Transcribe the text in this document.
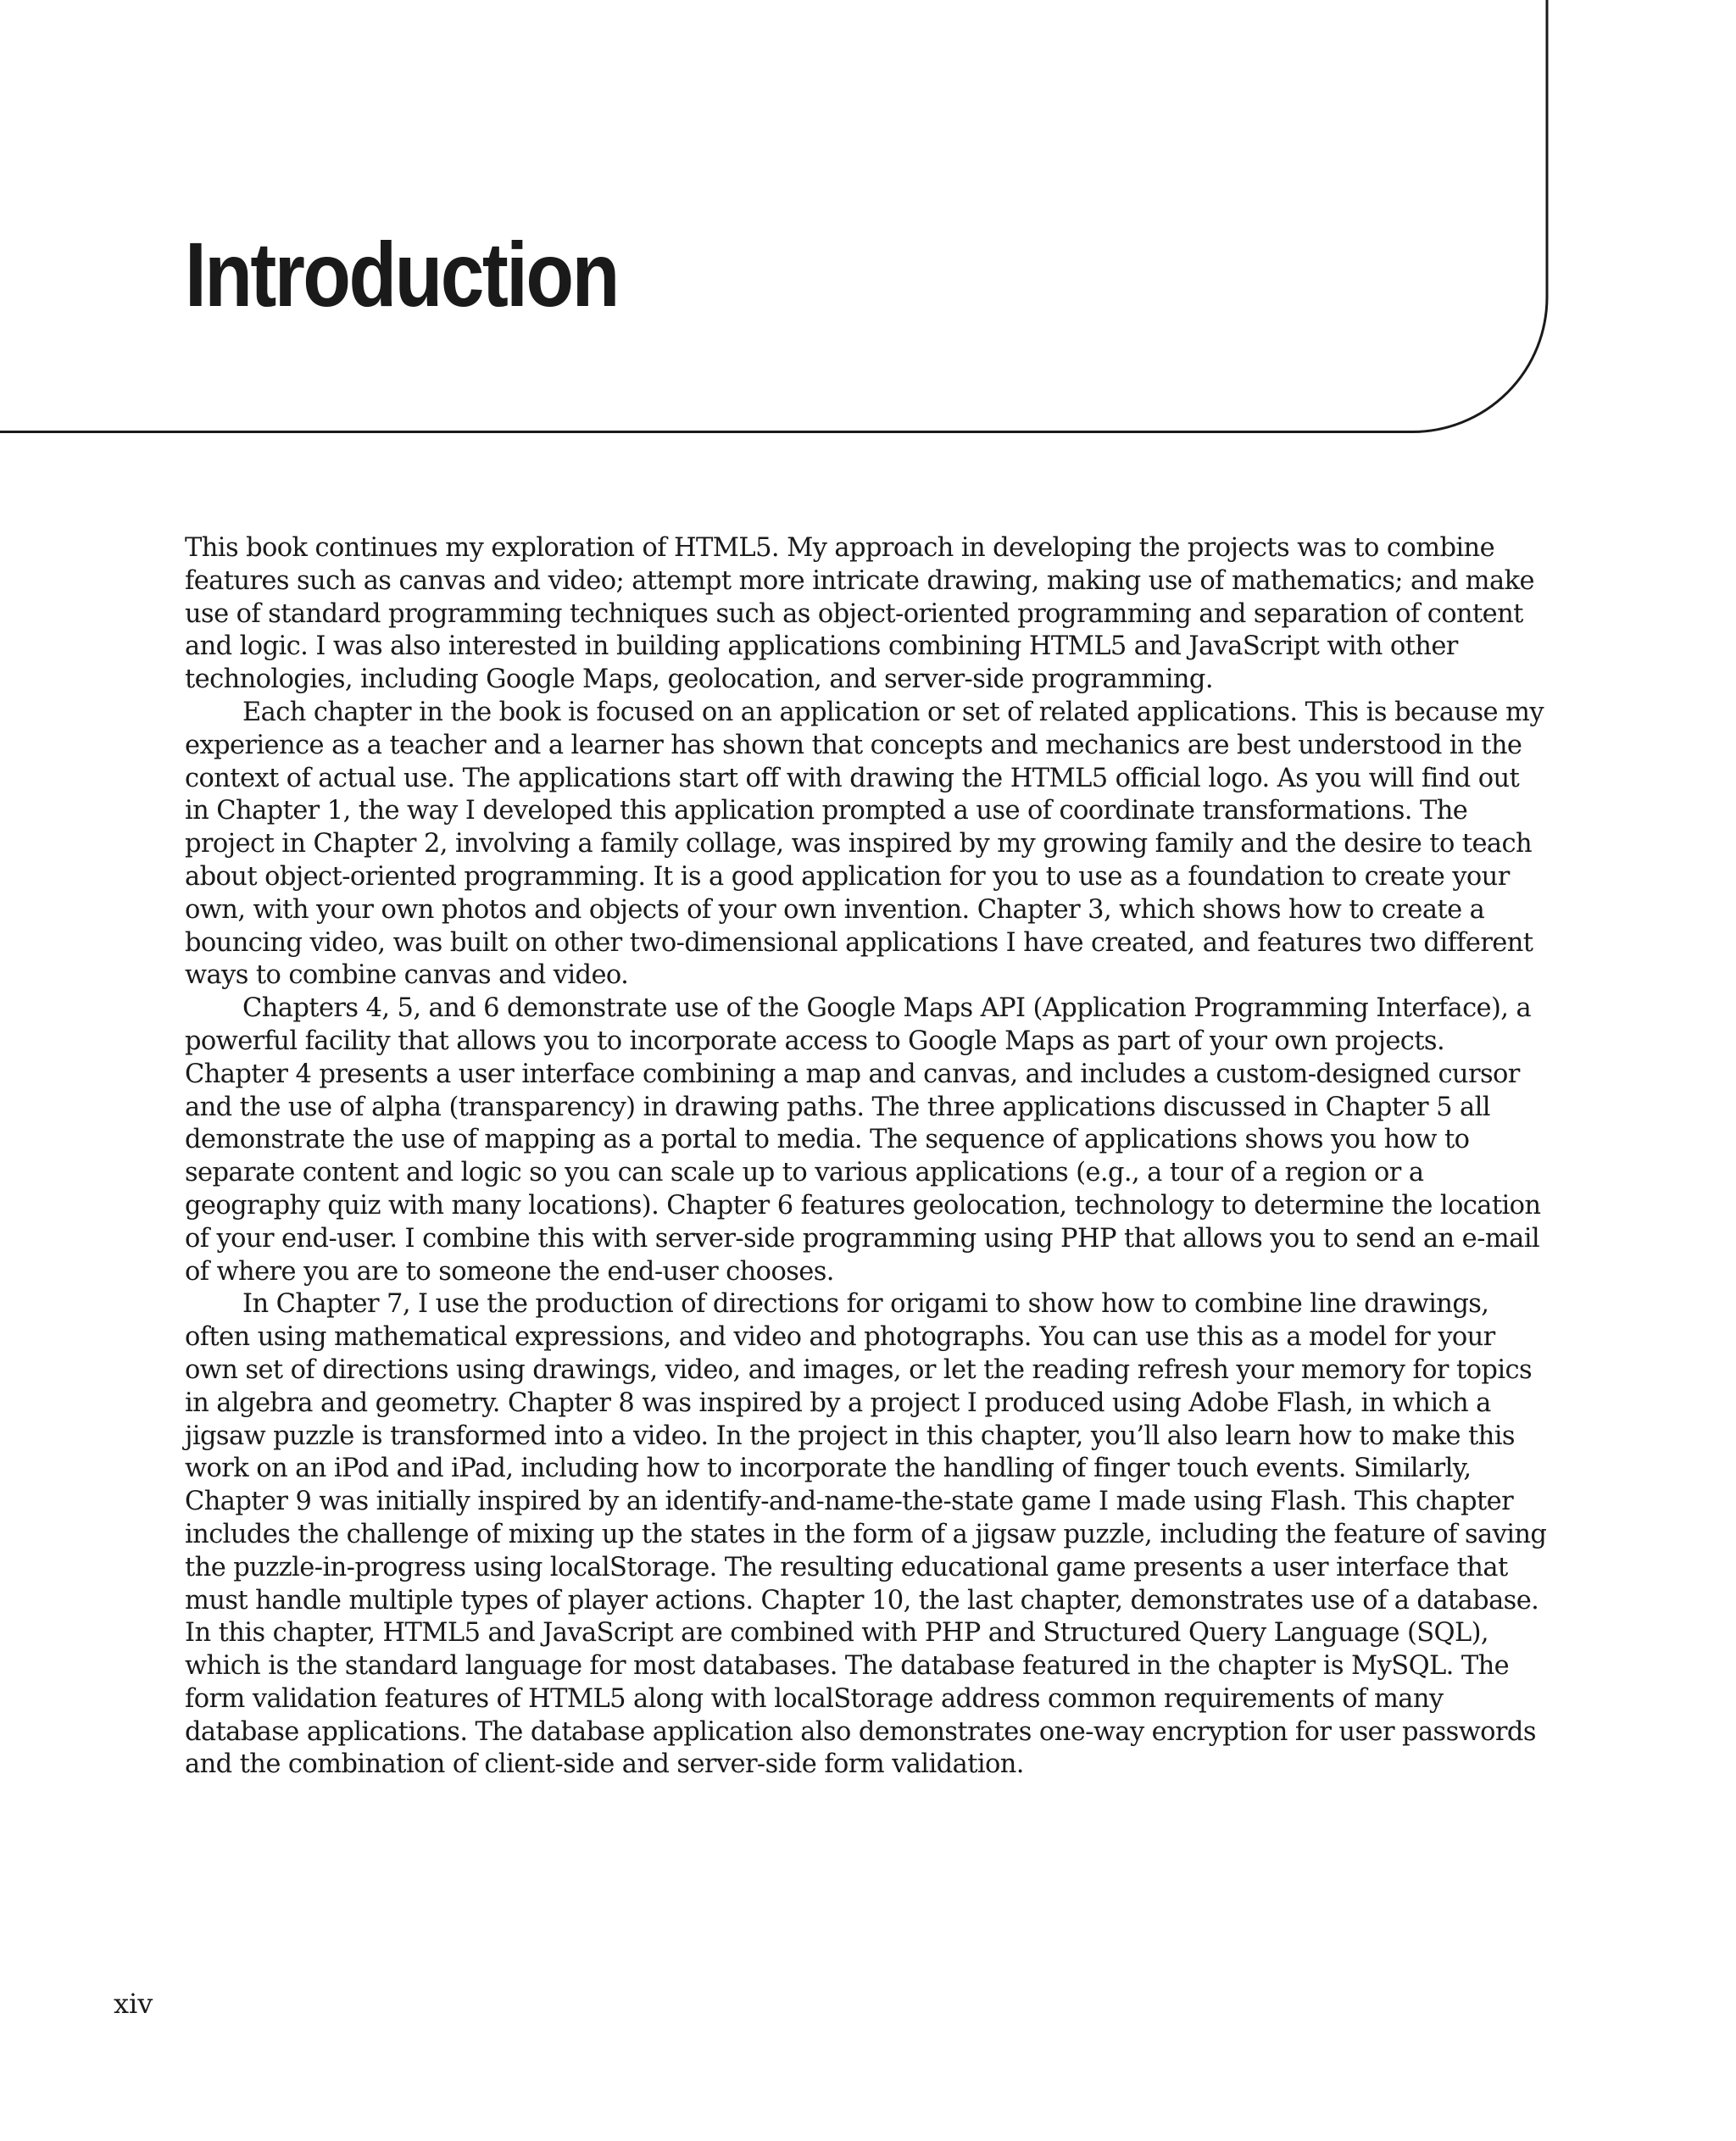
Introduction

This book continues my exploration of HTML5. My approach in developing the projects was to combine features such as canvas and video; attempt more intricate drawing, making use of mathematics; and make use of standard programming techniques such as object-oriented programming and separation of content and logic. I was also interested in building applications combining HTML5 and JavaScript with other technologies, including Google Maps, geolocation, and server-side programming.

Each chapter in the book is focused on an application or set of related applications. This is because my experience as a teacher and a learner has shown that concepts and mechanics are best understood in the context of actual use. The applications start off with drawing the HTML5 official logo. As you will find out in Chapter 1, the way I developed this application prompted a use of coordinate transformations. The project in Chapter 2, involving a family collage, was inspired by my growing family and the desire to teach about object-oriented programming. It is a good application for you to use as a foundation to create your own, with your own photos and objects of your own invention. Chapter 3, which shows how to create a bouncing video, was built on other two-dimensional applications I have created, and features two different ways to combine canvas and video.

Chapters 4, 5, and 6 demonstrate use of the Google Maps API (Application Programming Interface), a powerful facility that allows you to incorporate access to Google Maps as part of your own projects. Chapter 4 presents a user interface combining a map and canvas, and includes a custom-designed cursor and the use of alpha (transparency) in drawing paths. The three applications discussed in Chapter 5 all demonstrate the use of mapping as a portal to media. The sequence of applications shows you how to separate content and logic so you can scale up to various applications (e.g., a tour of a region or a geography quiz with many locations). Chapter 6 features geolocation, technology to determine the location of your end-user. I combine this with server-side programming using PHP that allows you to send an e-mail of where you are to someone the end-user chooses.

In Chapter 7, I use the production of directions for origami to show how to combine line drawings, often using mathematical expressions, and video and photographs. You can use this as a model for your own set of directions using drawings, video, and images, or let the reading refresh your memory for topics in algebra and geometry. Chapter 8 was inspired by a project I produced using Adobe Flash, in which a jigsaw puzzle is transformed into a video. In the project in this chapter, you’ll also learn how to make this work on an iPod and iPad, including how to incorporate the handling of finger touch events. Similarly, Chapter 9 was initially inspired by an identify-and-name-the-state game I made using Flash. This chapter includes the challenge of mixing up the states in the form of a jigsaw puzzle, including the feature of saving the puzzle-in-progress using localStorage. The resulting educational game presents a user interface that must handle multiple types of player actions. Chapter 10, the last chapter, demonstrates use of a database. In this chapter, HTML5 and JavaScript are combined with PHP and Structured Query Language (SQL), which is the standard language for most databases. The database featured in the chapter is MySQL. The form validation features of HTML5 along with localStorage address common requirements of many database applications. The database application also demonstrates one-way encryption for user passwords and the combination of client-side and server-side form validation.

xiv
